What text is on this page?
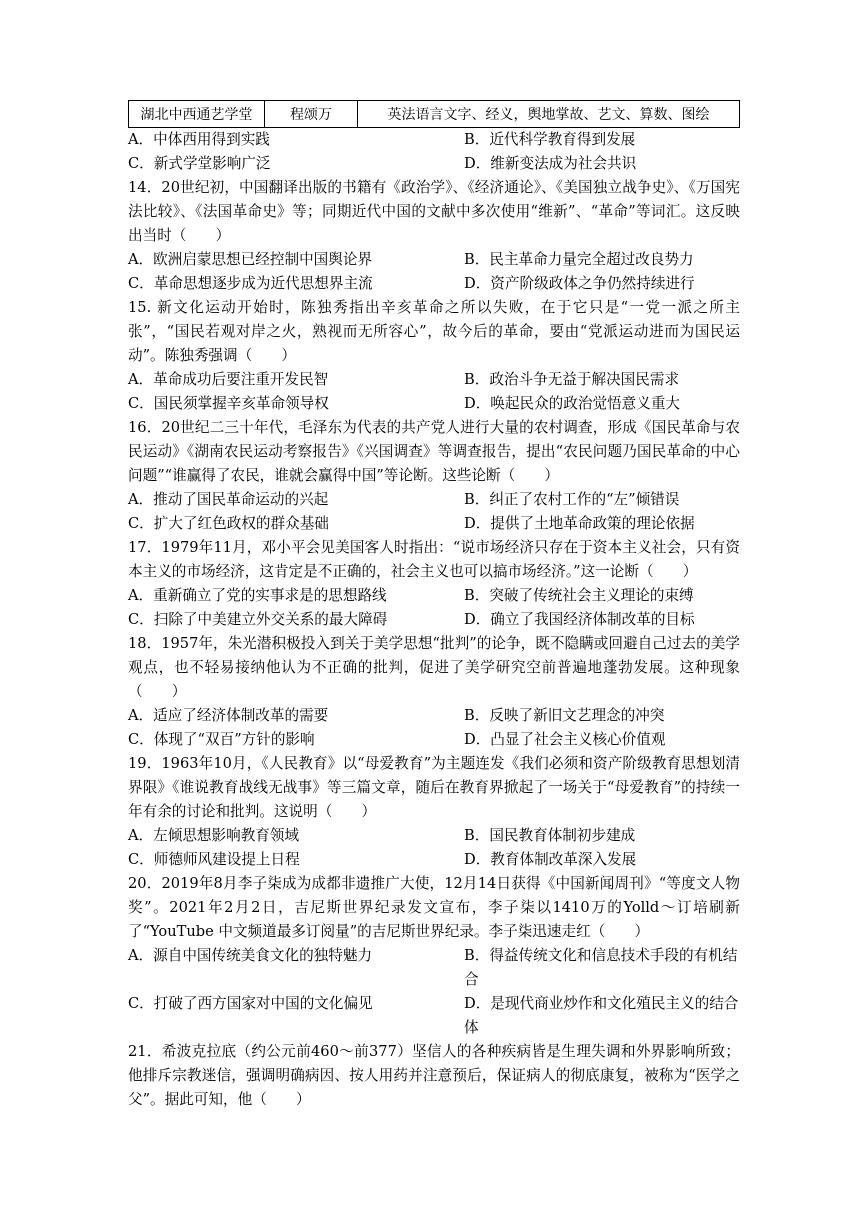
湖北中西通艺学堂	程颂万	英法语言文字、经义，舆地掌故、艺文、算数、图绘
A．中体西用得到实践	B．近代科学教育得到发展
C．新式学堂影响广泛	D．维新变法成为社会共识
14．20世纪初，中国翻译出版的书籍有《政治学》、《经济通论》、《美国独立战争史》、《万国宪法比较》、《法国革命史》等；同期近代中国的文献中多次使用“维新”、“革命”等词汇。这反映出当时（　　）
A．欧洲启蒙思想已经控制中国舆论界	B．民主革命力量完全超过改良势力
C．革命思想逐步成为近代思想界主流	D．资产阶级政体之争仍然持续进行
15. 新文化运动开始时，陈独秀指出辛亥革命之所以失败，在于它只是“一党一派之所主张”，“国民若观对岸之火，熟视而无所容心”，故今后的革命，要由“党派运动进而为国民运动”。陈独秀强调（　　）
A．革命成功后要注重开发民智	B．政治斗争无益于解决国民需求
C．国民须掌握辛亥革命领导权	D．唤起民众的政治觉悟意义重大
16．20世纪二三十年代，毛泽东为代表的共产党人进行大量的农村调查，形成《国民革命与农民运动》《湖南农民运动考察报告》《兴国调查》等调查报告，提出“农民问题乃国民革命的中心问题”“谁赢得了农民，谁就会赢得中国”等论断。这些论断（　　）
A．推动了国民革命运动的兴起	B．纠正了农村工作的“左”倾错误
C．扩大了红色政权的群众基础	D．提供了土地革命政策的理论依据
17．1979年11月，邓小平会见美国客人时指出：“说市场经济只存在于资本主义社会，只有资本主义的市场经济，这肯定是不正确的，社会主义也可以搞市场经济。”这一论断（　　）
A．重新确立了党的实事求是的思想路线	B．突破了传统社会主义理论的束缚
C．扫除了中美建立外交关系的最大障碍	D．确立了我国经济体制改革的目标
18．1957年，朱光潜积极投入到关于美学思想“批判”的论争，既不隐瞒或回避自己过去的美学观点，也不轻易接纳他认为不正确的批判，促进了美学研究空前普遍地蓬勃发展。这种现象（　　）
A．适应了经济体制改革的需要	B．反映了新旧文艺理念的冲突
C．体现了“双百”方针的影响	D．凸显了社会主义核心价值观
19．1963年10月，《人民教育》以“母爱教育”为主题连发《我们必须和资产阶级教育思想划清界限》《谁说教育战线无战事》等三篇文章，随后在教育界掀起了一场关于“母爱教育”的持续一年有余的讨论和批判。这说明（　　）
A．左倾思想影响教育领域	B．国民教育体制初步建成
C．师德师风建设提上日程	D．教育体制改革深入发展
20．2019年8月李子柒成为成都非遗推广大使，12月14日获得《中国新闻周刊》“等度文人物奖”。2021年2月2日，吉尼斯世界纪录发文宣布，李子柒以1410万的Yolld～订培刷新了“YouTube 中文频道最多订阅量”的吉尼斯世界纪录。李子柒迅速走红（　　）
A．源自中国传统美食文化的独特魅力	B．得益传统文化和信息技术手段的有机结合
C．打破了西方国家对中国的文化偏见	D．是现代商业炒作和文化殖民主义的结合体
21．希波克拉底（约公元前460～前377）坚信人的各种疾病皆是生理失调和外界影响所致；他排斥宗教迷信，强调明确病因、按人用药并注意预后，保证病人的彻底康复，被称为“医学之父”。据此可知，他（　　）
